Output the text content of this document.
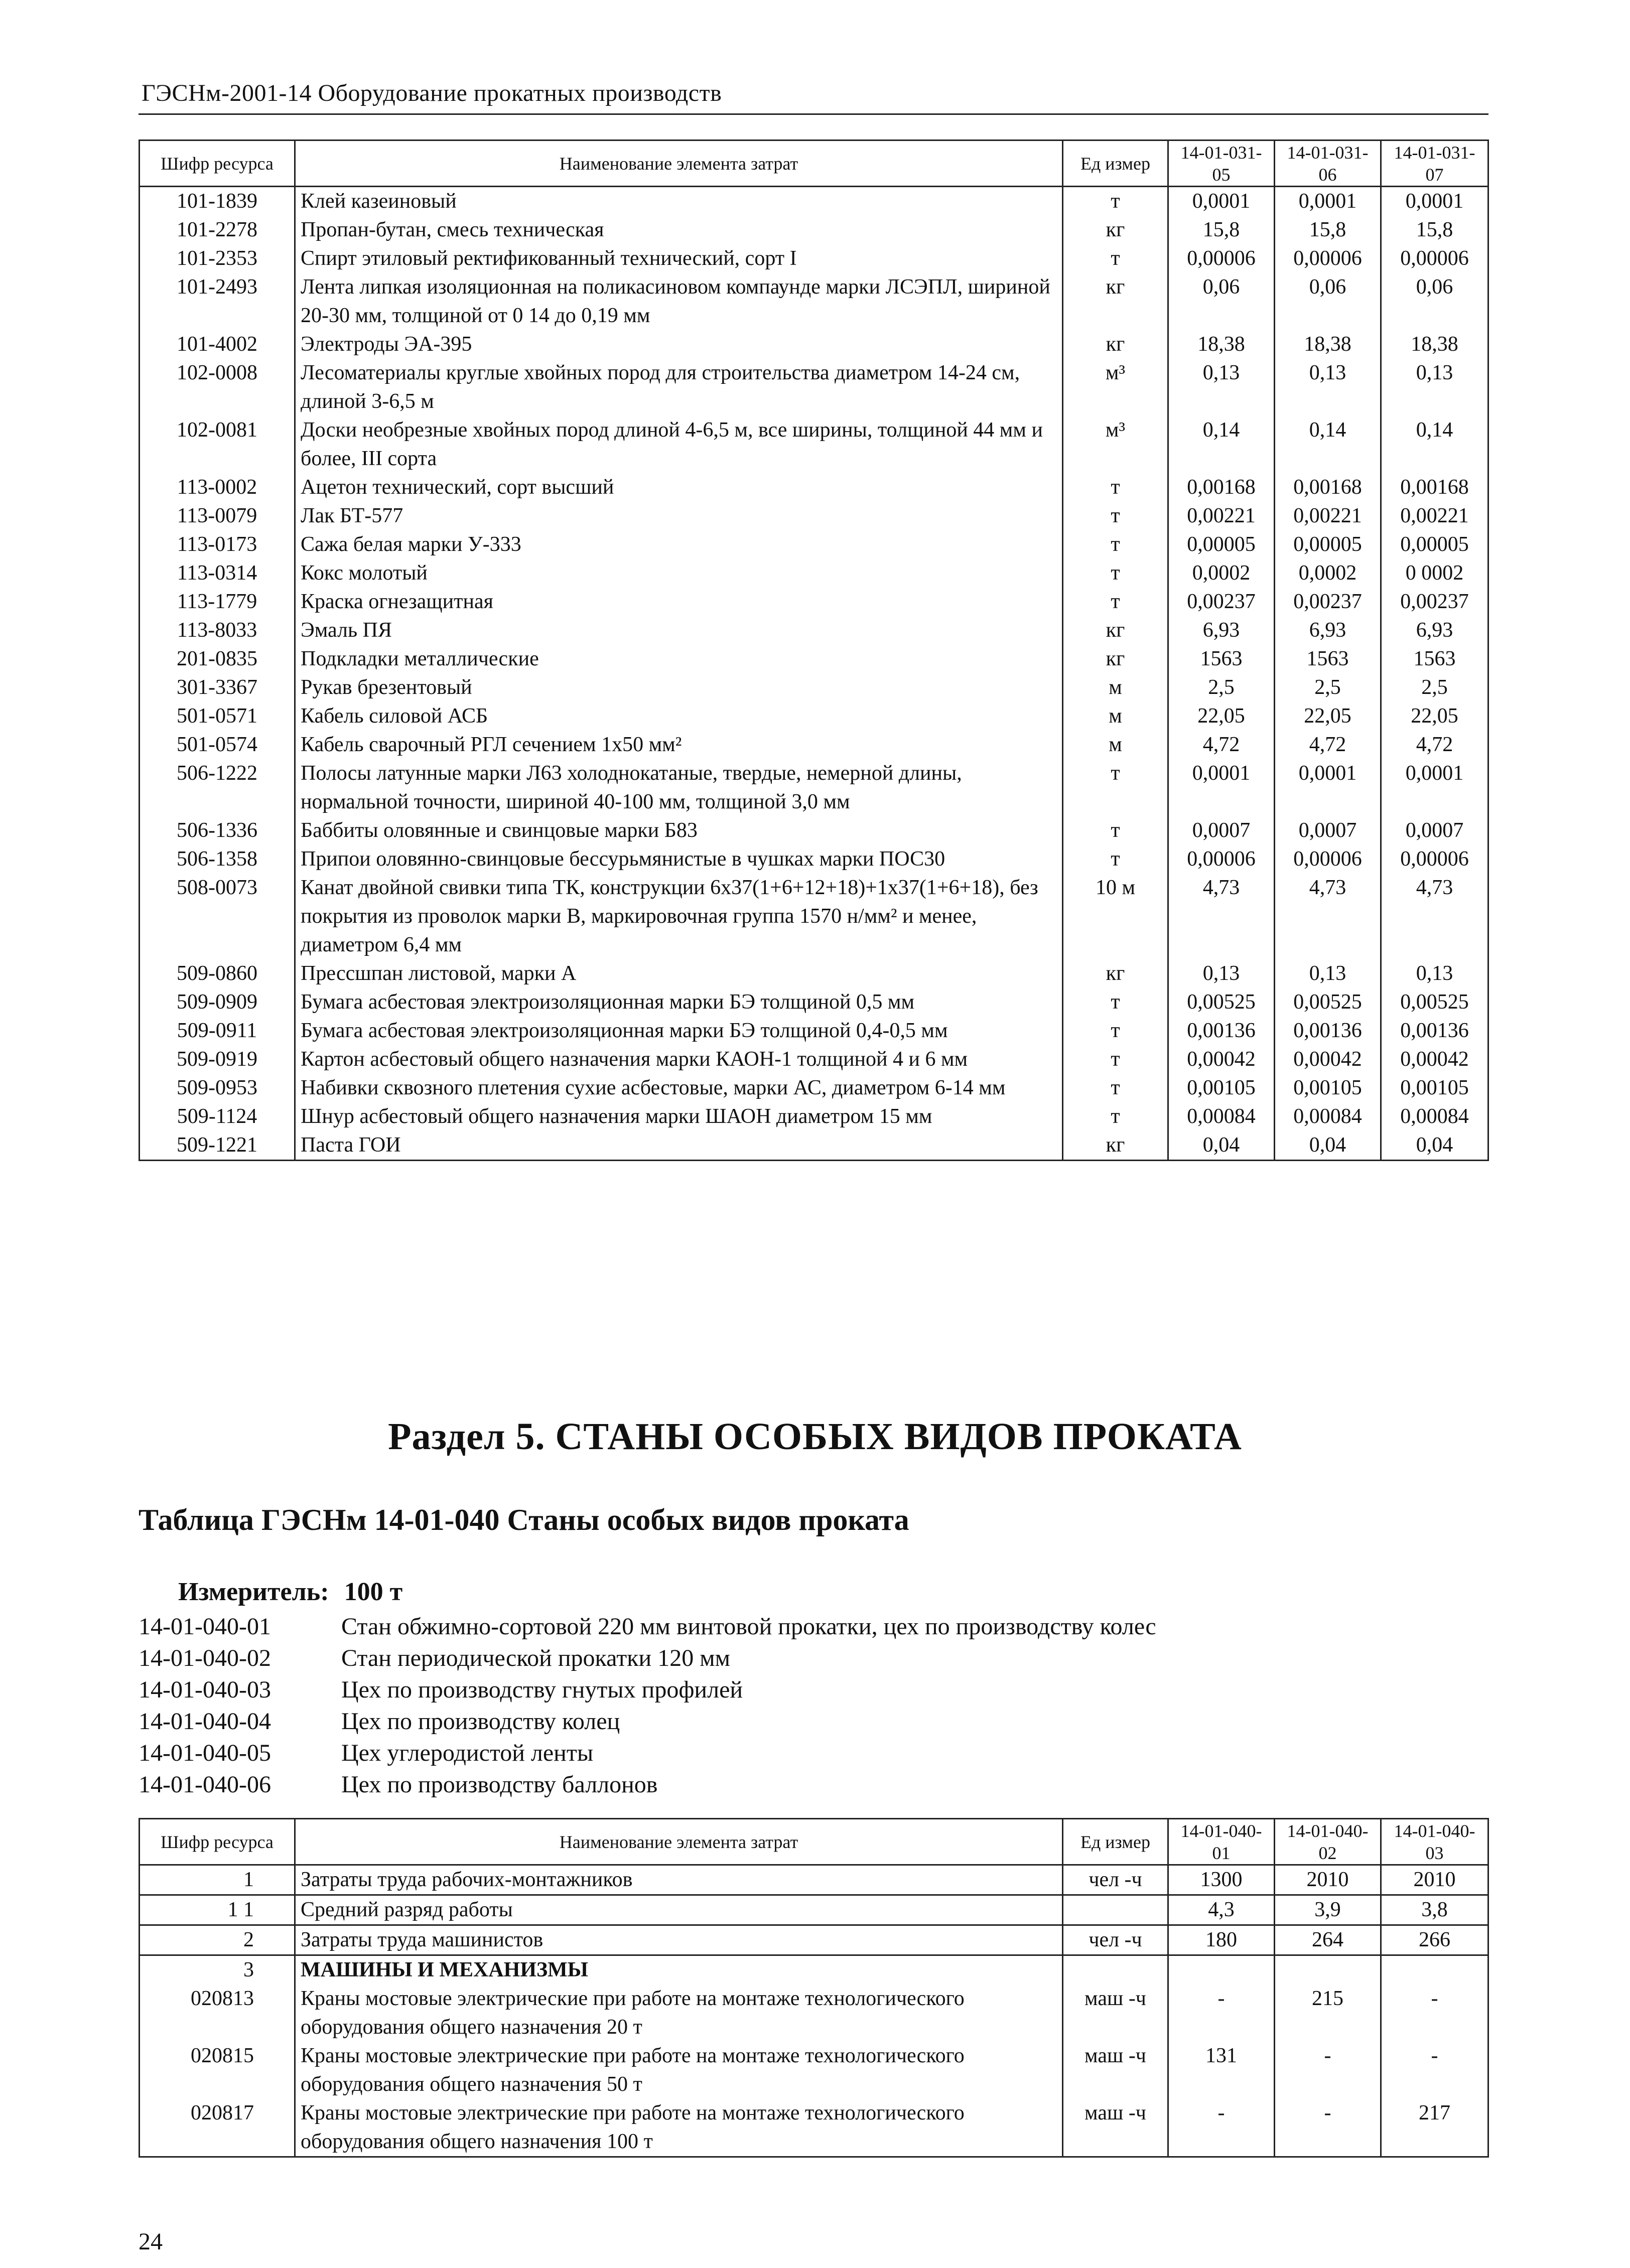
ГЭСНм-2001-14 Оборудование прокатных производств
Шифр ресурса	Наименование элемента затрат	Ед измер	14-01-031-05	14-01-031-06	14-01-031-07
101-1839	Клей казеиновый	т	0,0001	0,0001	0,0001
101-2278	Пропан-бутан, смесь техническая	кг	15,8	15,8	15,8
101-2353	Спирт этиловый ректификованный технический, сорт I	т	0,00006	0,00006	0,00006
101-2493	Лента липкая изоляционная на поликасиновом компаунде марки ЛСЭПЛ, шириной 20-30 мм, толщиной от 0 14 до 0,19 мм	кг	0,06	0,06	0,06
101-4002	Электроды ЭА-395	кг	18,38	18,38	18,38
102-0008	Лесоматериалы круглые хвойных пород для строительства диаметром 14-24 см, длиной 3-6,5 м	м³	0,13	0,13	0,13
102-0081	Доски необрезные хвойных пород длиной 4-6,5 м, все ширины, толщиной 44 мм и более, III сорта	м³	0,14	0,14	0,14
113-0002	Ацетон технический, сорт высший	т	0,00168	0,00168	0,00168
113-0079	Лак БТ-577	т	0,00221	0,00221	0,00221
113-0173	Сажа белая марки У-333	т	0,00005	0,00005	0,00005
113-0314	Кокс молотый	т	0,0002	0,0002	0 0002
113-1779	Краска огнезащитная	т	0,00237	0,00237	0,00237
113-8033	Эмаль ПЯ	кг	6,93	6,93	6,93
201-0835	Подкладки металлические	кг	1563	1563	1563
301-3367	Рукав брезентовый	м	2,5	2,5	2,5
501-0571	Кабель силовой АСБ	м	22,05	22,05	22,05
501-0574	Кабель сварочный РГЛ сечением 1х50 мм²	м	4,72	4,72	4,72
506-1222	Полосы латунные марки Л63 холоднокатаные, твердые, немерной длины, нормальной точности, шириной 40-100 мм, толщиной 3,0 мм	т	0,0001	0,0001	0,0001
506-1336	Баббиты оловянные и свинцовые марки Б83	т	0,0007	0,0007	0,0007
506-1358	Припои оловянно-свинцовые бессурьмянистые в чушках марки ПОС30	т	0,00006	0,00006	0,00006
508-0073	Канат двойной свивки типа ТК, конструкции 6х37(1+6+12+18)+1х37(1+6+18), без покрытия из проволок марки В, маркировочная группа 1570 н/мм² и менее, диаметром 6,4 мм	10 м	4,73	4,73	4,73
509-0860	Прессшпан листовой, марки А	кг	0,13	0,13	0,13
509-0909	Бумага асбестовая электроизоляционная марки БЭ толщиной 0,5 мм	т	0,00525	0,00525	0,00525
509-0911	Бумага асбестовая электроизоляционная марки БЭ толщиной 0,4-0,5 мм	т	0,00136	0,00136	0,00136
509-0919	Картон асбестовый общего назначения марки КАОН-1 толщиной 4 и 6 мм	т	0,00042	0,00042	0,00042
509-0953	Набивки сквозного плетения сухие асбестовые, марки АС, диаметром 6-14 мм	т	0,00105	0,00105	0,00105
509-1124	Шнур асбестовый общего назначения марки ШАОН диаметром 15 мм	т	0,00084	0,00084	0,00084
509-1221	Паста ГОИ	кг	0,04	0,04	0,04
Раздел 5. СТАНЫ ОСОБЫХ ВИДОВ ПРОКАТА
Таблица ГЭСНм 14-01-040 Станы особых видов проката
Измеритель: 100 т
14-01-040-01	Стан обжимно-сортовой 220 мм винтовой прокатки, цех по производству колес
14-01-040-02	Стан периодической прокатки 120 мм
14-01-040-03	Цех по производству гнутых профилей
14-01-040-04	Цех по производству колец
14-01-040-05	Цех углеродистой ленты
14-01-040-06	Цех по производству баллонов
Шифр ресурса	Наименование элемента затрат	Ед измер	14-01-040-01	14-01-040-02	14-01-040-03
1	Затраты труда рабочих-монтажников	чел -ч	1300	2010	2010
1 1	Средний разряд работы		4,3	3,9	3,8
2	Затраты труда машинистов	чел -ч	180	264	266
3	МАШИНЫ И МЕХАНИЗМЫ				
020813	Краны мостовые электрические при работе на монтаже технологического оборудования общего назначения 20 т	маш -ч	-	215	-
020815	Краны мостовые электрические при работе на монтаже технологического оборудования общего назначения 50 т	маш -ч	131	-	-
020817	Краны мостовые электрические при работе на монтаже технологического оборудования общего назначения 100 т	маш -ч	-	-	217
24
